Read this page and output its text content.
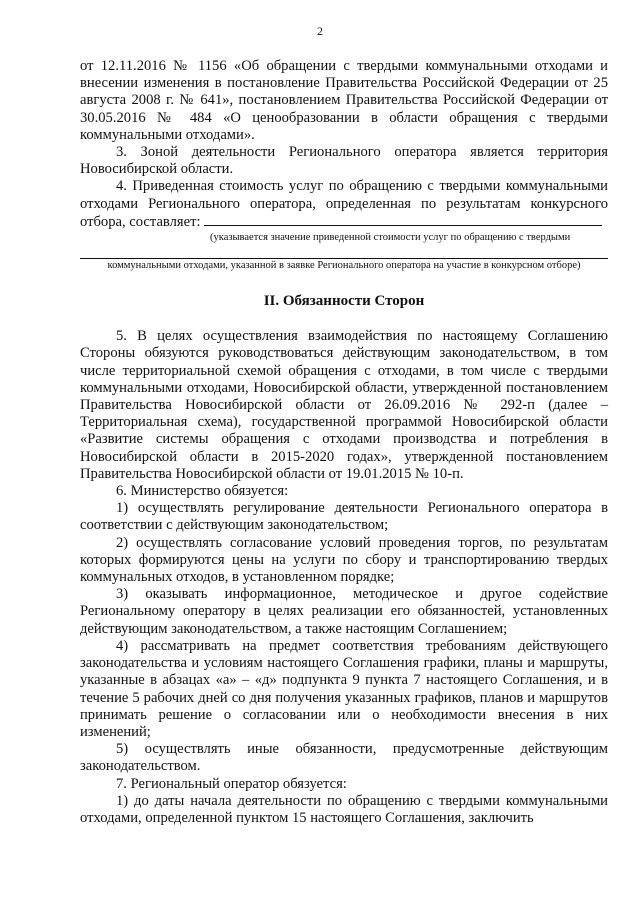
2

от 12.11.2016 № 1156 «Об обращении с твердыми коммунальными отходами и внесении изменения в постановление Правительства Российской Федерации от 25 августа 2008 г. № 641», постановлением Правительства Российской Федерации от 30.05.2016 № 484 «О ценообразовании в области обращения с твердыми коммунальными отходами».

3. Зоной деятельности Регионального оператора является территория Новосибирской области.

4. Приведенная стоимость услуг по обращению с твердыми коммунальными отходами Регионального оператора, определенная по результатам конкурсного отбора, составляет:

(указывается значение приведенной стоимости услуг по обращению с твердыми

коммунальными отходами, указанной в заявке Регионального оператора на участие в конкурсном отборе)

II. Обязанности Сторон

5. В целях осуществления взаимодействия по настоящему Соглашению Стороны обязуются руководствоваться действующим законодательством, в том числе территориальной схемой обращения с отходами, в том числе с твердыми коммунальными отходами, Новосибирской области, утвержденной постановлением Правительства Новосибирской области от 26.09.2016 № 292-п (далее – Территориальная схема), государственной программой Новосибирской области «Развитие системы обращения с отходами производства и потребления в Новосибирской области в 2015-2020 годах», утвержденной постановлением Правительства Новосибирской области от 19.01.2015 № 10-п.

6. Министерство обязуется:

1) осуществлять регулирование деятельности Регионального оператора в соответствии с действующим законодательством;

2) осуществлять согласование условий проведения торгов, по результатам которых формируются цены на услуги по сбору и транспортированию твердых коммунальных отходов, в установленном порядке;

3) оказывать информационное, методическое и другое содействие Региональному оператору в целях реализации его обязанностей, установленных действующим законодательством, а также настоящим Соглашением;

4) рассматривать на предмет соответствия требованиям действующего законодательства и условиям настоящего Соглашения графики, планы и маршруты, указанные в абзацах «а» – «д» подпункта 9 пункта 7 настоящего Соглашения, и в течение 5 рабочих дней со дня получения указанных графиков, планов и маршрутов принимать решение о согласовании или о необходимости внесения в них изменений;

5) осуществлять иные обязанности, предусмотренные действующим законодательством.

7. Региональный оператор обязуется:

1) до даты начала деятельности по обращению с твердыми коммунальными отходами, определенной пунктом 15 настоящего Соглашения, заключить
